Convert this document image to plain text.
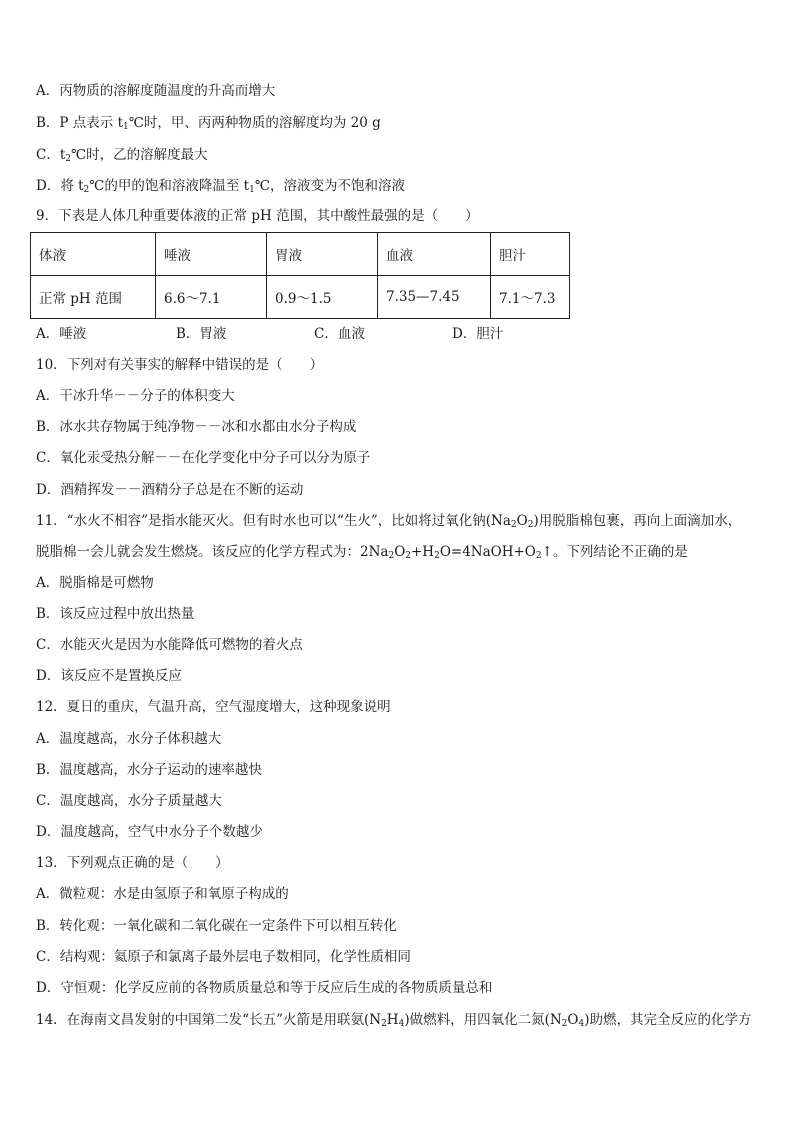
A．丙物质的溶解度随温度的升高而增大
B．P 点表示 $t_1℃$时，甲、丙两种物质的溶解度均为 20 g
C．$t_2℃$时，乙的溶解度最大
D．将 $t_2℃$的甲的饱和溶液降温至 $t_1℃$，溶液变为不饱和溶液
9．下表是人体几种重要体液的正常 pH 范围，其中酸性最强的是（　　）
体液	唾液	胃液	血液	胆汁
正常 pH 范围	6.6～7.1	0.9～1.5	7.35—7.45	7.1～7.3
A．唾液	B．胃液	C．血液	D．胆汁
10．下列对有关事实的解释中错误的是（　　）
A．干冰升华－－分子的体积变大
B．冰水共存物属于纯净物－－冰和水都由水分子构成
C．氧化汞受热分解－－在化学变化中分子可以分为原子
D．酒精挥发－－酒精分子总是在不断的运动
11．“水火不相容”是指水能灭火。但有时水也可以“生火”，比如将过氧化钠$(Na_2O_2)$用脱脂棉包裹，再向上面滴加水，
脱脂棉一会儿就会发生燃烧。该反应的化学方程式为：$2Na_2O_2+H_2O=4NaOH+O_2↑$。下列结论不正确的是
A．脱脂棉是可燃物
B．该反应过程中放出热量
C．水能灭火是因为水能降低可燃物的着火点
D．该反应不是置换反应
12．夏日的重庆，气温升高，空气湿度增大，这种现象说明
A．温度越高，水分子体积越大
B．温度越高，水分子运动的速率越快
C．温度越高，水分子质量越大
D．温度越高，空气中水分子个数越少
13．下列观点正确的是（　　）
A．微粒观：水是由氢原子和氧原子构成的
B．转化观：一氧化碳和二氧化碳在一定条件下可以相互转化
C．结构观：氦原子和氯离子最外层电子数相同，化学性质相同
D．守恒观：化学反应前的各物质质量总和等于反应后生成的各物质质量总和
14．在海南文昌发射的中国第二发“长五”火箭是用联氨$(N_2H_4)$做燃料，用四氧化二氮$(N_2O_4)$助燃，其完全反应的化学方
